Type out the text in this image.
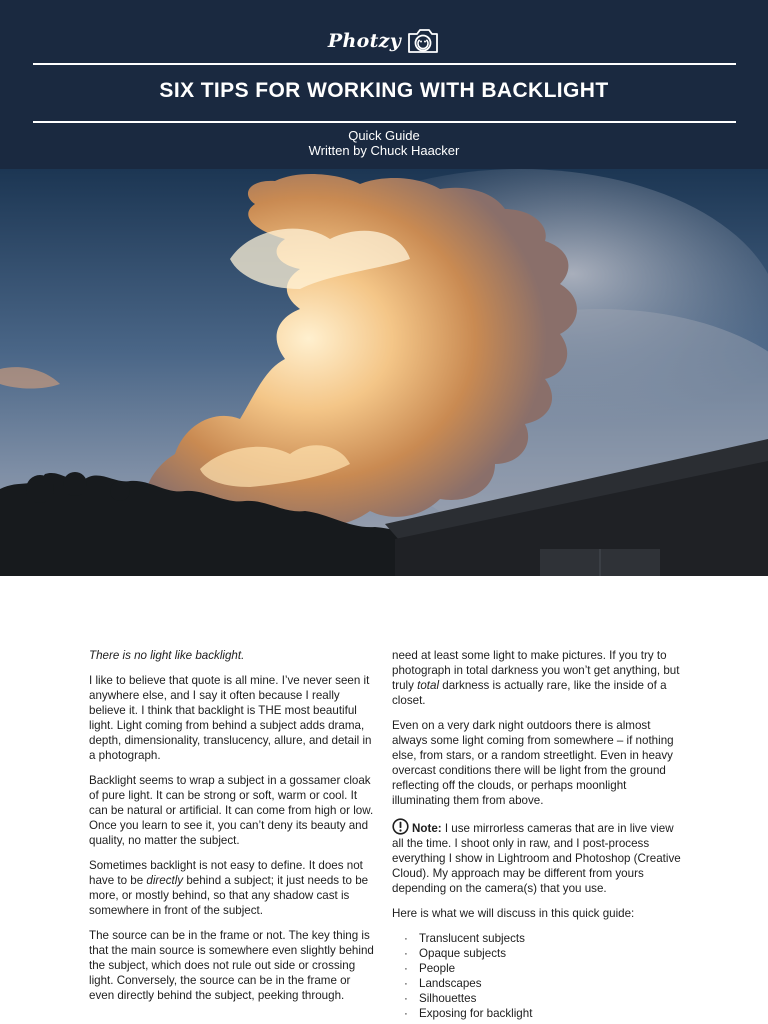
Photzy
SIX TIPS FOR WORKING WITH BACKLIGHT
Quick Guide
Written by Chuck Haacker

There is no light like backlight.

I like to believe that quote is all mine. I’ve never seen it anywhere else, and I say it often because I really believe it. I think that backlight is THE most beautiful light. Light coming from behind a subject adds drama, depth, dimensionality, translucency, allure, and detail in a photograph.

Backlight seems to wrap a subject in a gossamer cloak of pure light. It can be strong or soft, warm or cool. It can be natural or artificial. It can come from high or low. Once you learn to see it, you can’t deny its beauty and quality, no matter the subject.

Sometimes backlight is not easy to define. It does not have to be directly behind a subject; it just needs to be more, or mostly behind, so that any shadow cast is somewhere in front of the subject.

The source can be in the frame or not. The key thing is that the main source is somewhere even slightly behind the subject, which does not rule out side or crossing light. Conversely, the source can be in the frame or even directly behind the subject, peeking through.

need at least some light to make pictures. If you try to photograph in total darkness you won’t get anything, but truly total darkness is actually rare, like the inside of a closet.

Even on a very dark night outdoors there is almost always some light coming from somewhere – if nothing else, from stars, or a random streetlight. Even in heavy overcast conditions there will be light from the ground reflecting off the clouds, or perhaps moonlight illuminating them from above.

Note: I use mirrorless cameras that are in live view all the time. I shoot only in raw, and I post-process everything I show in Lightroom and Photoshop (Creative Cloud). My approach may be different from yours depending on the camera(s) that you use.

Here is what we will discuss in this quick guide:

· Translucent subjects
· Opaque subjects
· People
· Landscapes
· Silhouettes
· Exposing for backlight
